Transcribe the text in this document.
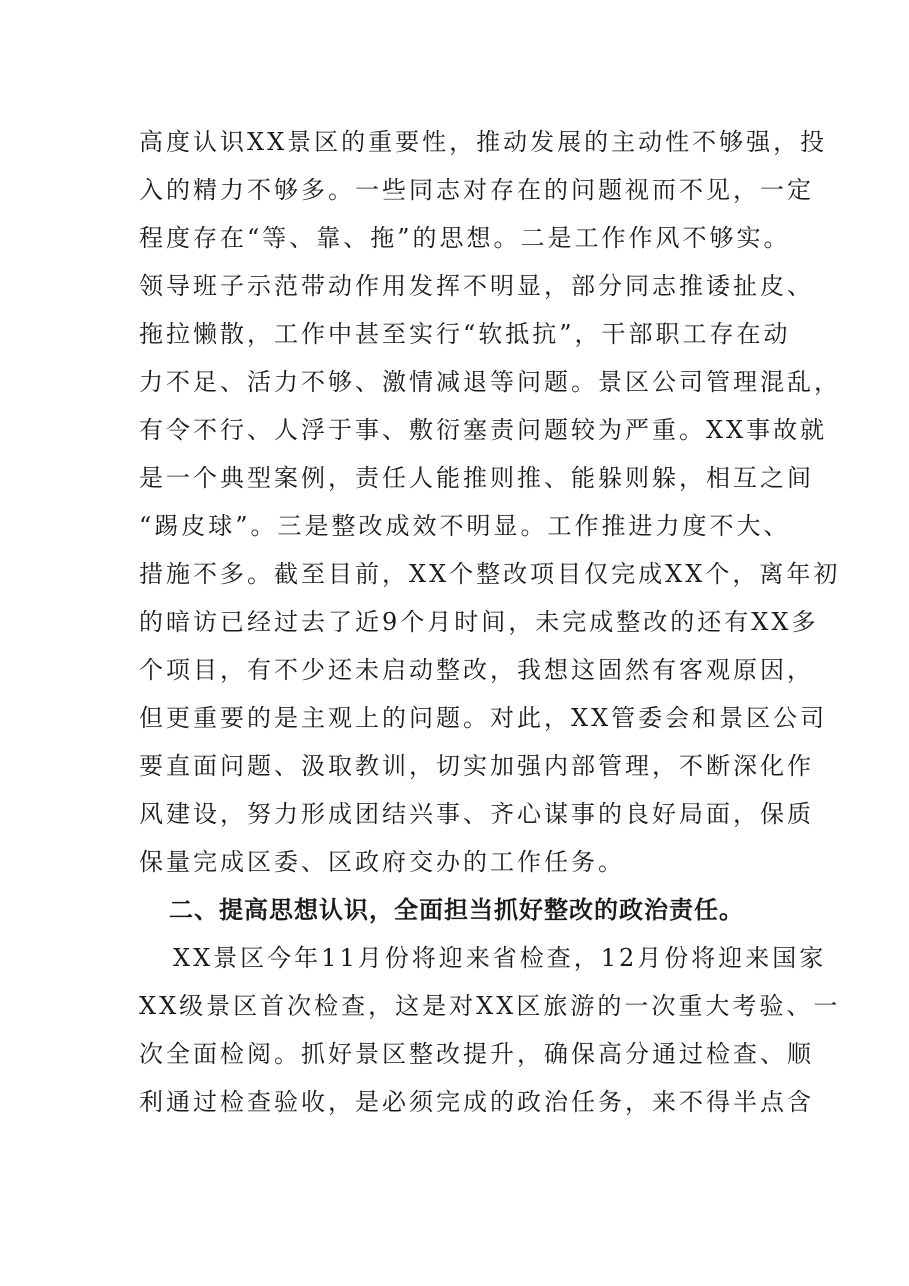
高度认识XX景区的重要性，推动发展的主动性不够强，投
入的精力不够多。一些同志对存在的问题视而不见，一定
程度存在“等、靠、拖”的思想。二是工作作风不够实。
领导班子示范带动作用发挥不明显，部分同志推诿扯皮、
拖拉懒散，工作中甚至实行“软抵抗”，干部职工存在动
力不足、活力不够、激情减退等问题。景区公司管理混乱，
有令不行、人浮于事、敷衍塞责问题较为严重。XX事故就
是一个典型案例，责任人能推则推、能躲则躲，相互之间
“踢皮球”。三是整改成效不明显。工作推进力度不大、
措施不多。截至目前，XX个整改项目仅完成XX个，离年初
的暗访已经过去了近9个月时间，未完成整改的还有XX多
个项目，有不少还未启动整改，我想这固然有客观原因，
但更重要的是主观上的问题。对此，XX管委会和景区公司
要直面问题、汲取教训，切实加强内部管理，不断深化作
风建设，努力形成团结兴事、齐心谋事的良好局面，保质
保量完成区委、区政府交办的工作任务。
二、提高思想认识，全面担当抓好整改的政治责任。
XX景区今年11月份将迎来省检查，12月份将迎来国家
XX级景区首次检查，这是对XX区旅游的一次重大考验、一
次全面检阅。抓好景区整改提升，确保高分通过检查、顺
利通过检查验收，是必须完成的政治任务，来不得半点含
